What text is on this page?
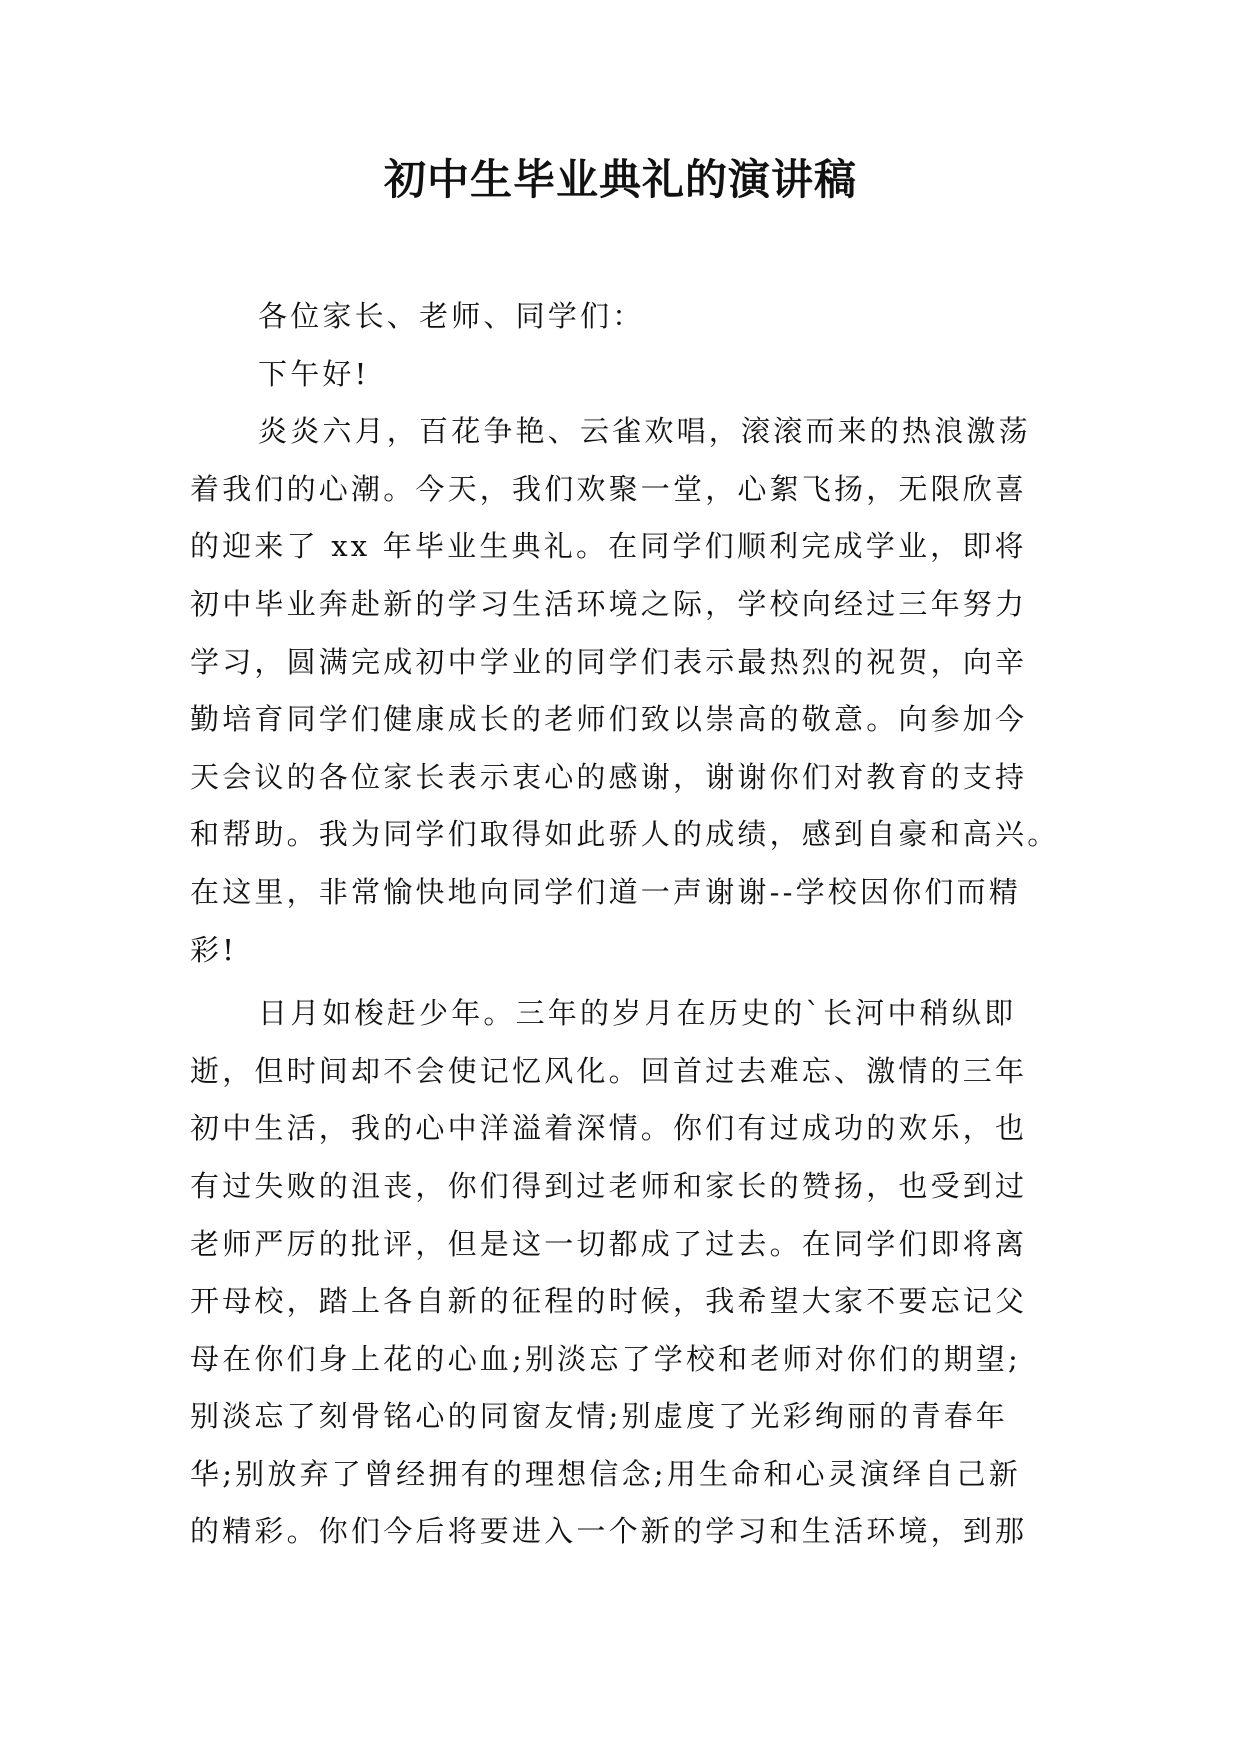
初中生毕业典礼的演讲稿
各位家长、老师、同学们：
下午好!
炎炎六月，百花争艳、云雀欢唱，滚滚而来的热浪激荡
着我们的心潮。今天，我们欢聚一堂，心絮飞扬，无限欣喜
的迎来了 xx 年毕业生典礼。在同学们顺利完成学业，即将
初中毕业奔赴新的学习生活环境之际，学校向经过三年努力
学习，圆满完成初中学业的同学们表示最热烈的祝贺，向辛
勤培育同学们健康成长的老师们致以崇高的敬意。向参加今
天会议的各位家长表示衷心的感谢，谢谢你们对教育的支持
和帮助。我为同学们取得如此骄人的成绩，感到自豪和高兴。
在这里，非常愉快地向同学们道一声谢谢--学校因你们而精
彩!
日月如梭赶少年。三年的岁月在历史的`长河中稍纵即
逝，但时间却不会使记忆风化。回首过去难忘、激情的三年
初中生活，我的心中洋溢着深情。你们有过成功的欢乐，也
有过失败的沮丧，你们得到过老师和家长的赞扬，也受到过
老师严厉的批评，但是这一切都成了过去。在同学们即将离
开母校，踏上各自新的征程的时候，我希望大家不要忘记父
母在你们身上花的心血;别淡忘了学校和老师对你们的期望;
别淡忘了刻骨铭心的同窗友情;别虚度了光彩绚丽的青春年
华;别放弃了曾经拥有的理想信念;用生命和心灵演绎自己新
的精彩。你们今后将要进入一个新的学习和生活环境，到那
